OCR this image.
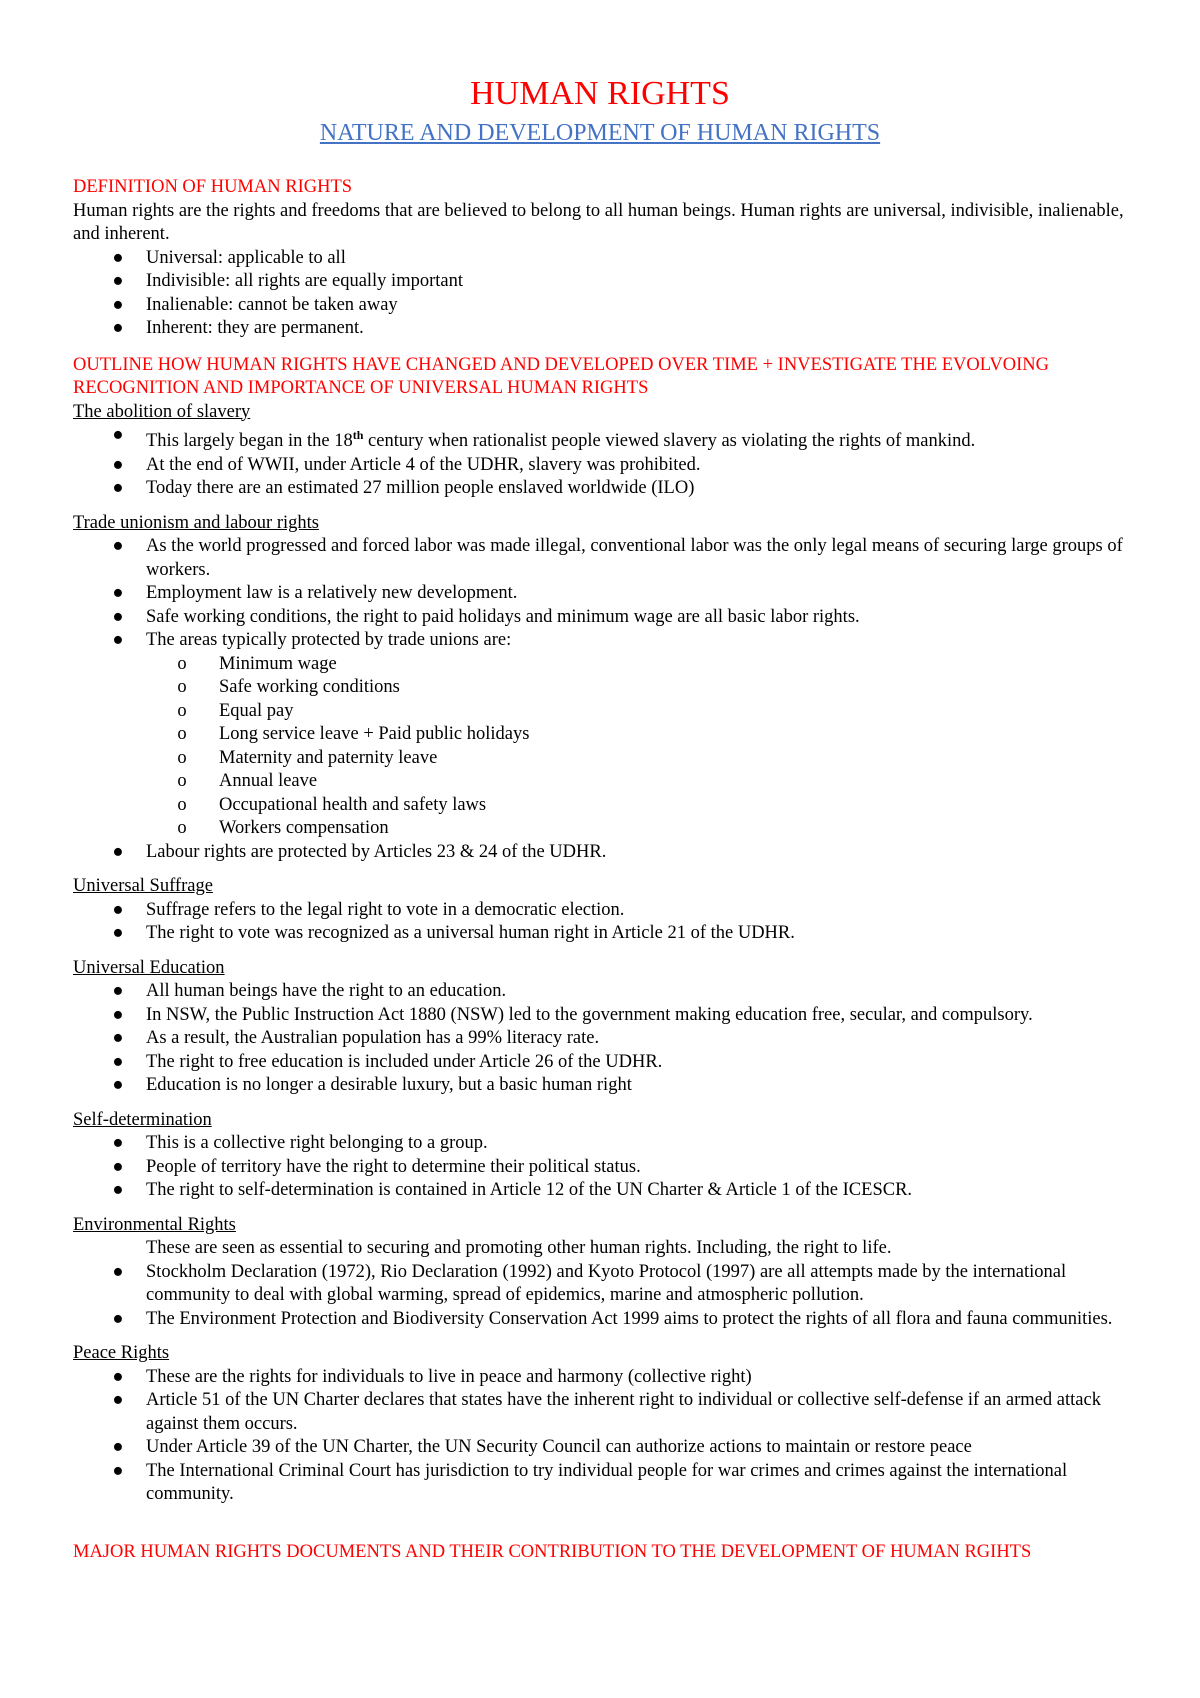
HUMAN RIGHTS
NATURE AND DEVELOPMENT OF HUMAN RIGHTS

DEFINITION OF HUMAN RIGHTS

Human rights are the rights and freedoms that are believed to belong to all human beings. Human rights are universal, indivisible, inalienable, and inherent.

● Universal: applicable to all
● Indivisible: all rights are equally important
● Inalienable: cannot be taken away
● Inherent: they are permanent.

OUTLINE HOW HUMAN RIGHTS HAVE CHANGED AND DEVELOPED OVER TIME + INVESTIGATE THE EVOLVOING RECOGNITION AND IMPORTANCE OF UNIVERSAL HUMAN RIGHTS

The abolition of slavery

● This largely began in the 18th century when rationalist people viewed slavery as violating the rights of mankind.
● At the end of WWII, under Article 4 of the UDHR, slavery was prohibited.
● Today there are an estimated 27 million people enslaved worldwide (ILO)

Trade unionism and labour rights

● As the world progressed and forced labor was made illegal, conventional labor was the only legal means of securing large groups of workers.
● Employment law is a relatively new development.
● Safe working conditions, the right to paid holidays and minimum wage are all basic labor rights.
● The areas typically protected by trade unions are:
o Minimum wage
o Safe working conditions
o Equal pay
o Long service leave + Paid public holidays
o Maternity and paternity leave
o Annual leave
o Occupational health and safety laws
o Workers compensation
● Labour rights are protected by Articles 23 & 24 of the UDHR.

Universal Suffrage

● Suffrage refers to the legal right to vote in a democratic election.
● The right to vote was recognized as a universal human right in Article 21 of the UDHR.

Universal Education

● All human beings have the right to an education.
● In NSW, the Public Instruction Act 1880 (NSW) led to the government making education free, secular, and compulsory.
● As a result, the Australian population has a 99% literacy rate.
● The right to free education is included under Article 26 of the UDHR.
● Education is no longer a desirable luxury, but a basic human right

Self-determination

● This is a collective right belonging to a group.
● People of territory have the right to determine their political status.
● The right to self-determination is contained in Article 12 of the UN Charter & Article 1 of the ICESCR.

Environmental Rights

These are seen as essential to securing and promoting other human rights. Including, the right to life.

● Stockholm Declaration (1972), Rio Declaration (1992) and Kyoto Protocol (1997) are all attempts made by the international community to deal with global warming, spread of epidemics, marine and atmospheric pollution.
● The Environment Protection and Biodiversity Conservation Act 1999 aims to protect the rights of all flora and fauna communities.

Peace Rights

● These are the rights for individuals to live in peace and harmony (collective right)
● Article 51 of the UN Charter declares that states have the inherent right to individual or collective self-defense if an armed attack against them occurs.
● Under Article 39 of the UN Charter, the UN Security Council can authorize actions to maintain or restore peace
● The International Criminal Court has jurisdiction to try individual people for war crimes and crimes against the international community.

MAJOR HUMAN RIGHTS DOCUMENTS AND THEIR CONTRIBUTION TO THE DEVELOPMENT OF HUMAN RGIHTS
